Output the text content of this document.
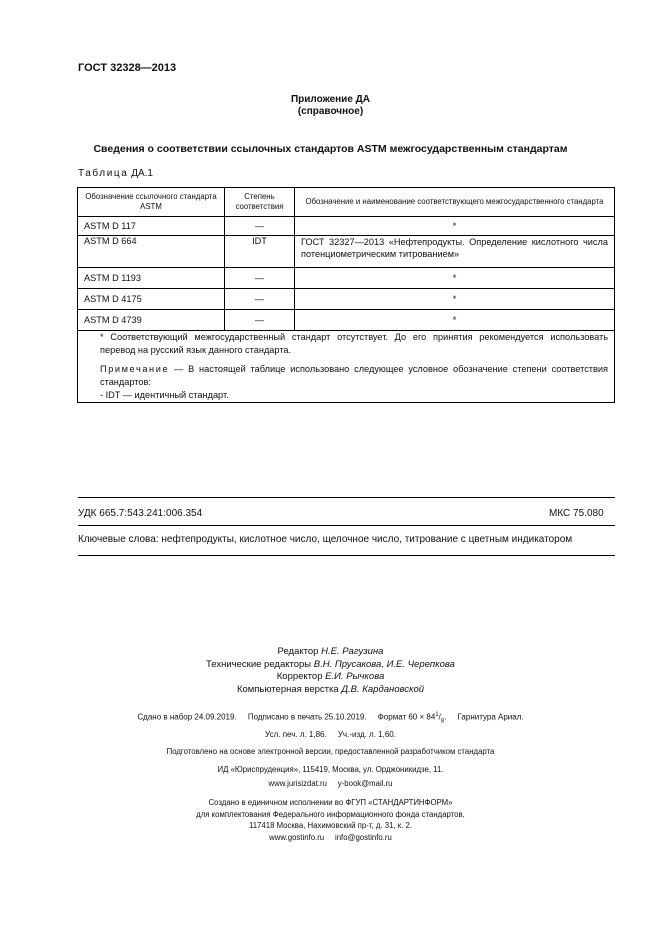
ГОСТ 32328—2013
Приложение ДА
(справочное)
Сведения о соответствии ссылочных стандартов ASTM межгосударственным стандартам
Таблица ДА.1
Обозначение ссылочного стандарта ASTM	Степень соответствия	Обозначение и наименование соответствующего межгосударственного стандарта
ASTM D 117	—	*
ASTM D 664	IDT	ГОСТ 32327—2013 «Нефтепродукты. Определение кислотного числа потенциометрическим титрованием»
ASTM D 1193	—	*
ASTM D 4175	—	*
ASTM D 4739	—	*

* Соответствующий межгосударственный стандарт отсутствует. До его принятия рекомендуется использовать перевод на русский язык данного стандарта.
Примечание — В настоящей таблице использовано следующее условное обозначение степени соответствия стандартов:
- IDT — идентичный стандарт.		
УДК 665.7:543.241:006.354	МКС 75.080
Ключевые слова: нефтепродукты, кислотное число, щелочное число, титрование с цветным индикатором
Редактор Н.Е. Рагузина
Технические редакторы В.Н. Прусакова, И.Е. Черепкова
Корректор Е.И. Рычкова
Компьютерная верстка Д.В. Кардановской
Сдано в набор 24.09.2019. Подписано в печать 25.10.2019. Формат $60 \times 84^1/_8$.     Гарнитура Ариал.
Усл. печ. л. 1,86.     Уч.-изд. л. 1,60.
Подготовлено на основе электронной версии, предоставленной разработчиком стандарта
ИД «Юриспруденция», 115419, Москва, ул. Орджоникидзе, 11.
www.jurisizdat.ru     y-book@mail.ru
Создано в единичном исполнении во ФГУП «СТАНДАРТИНФОРМ»
для комплектования Федерального информационного фонда стандартов,
117418 Москва, Нахимовский пр-т, д. 31, к. 2.
www.gostinfo.ru     info@gostinfo.ru
